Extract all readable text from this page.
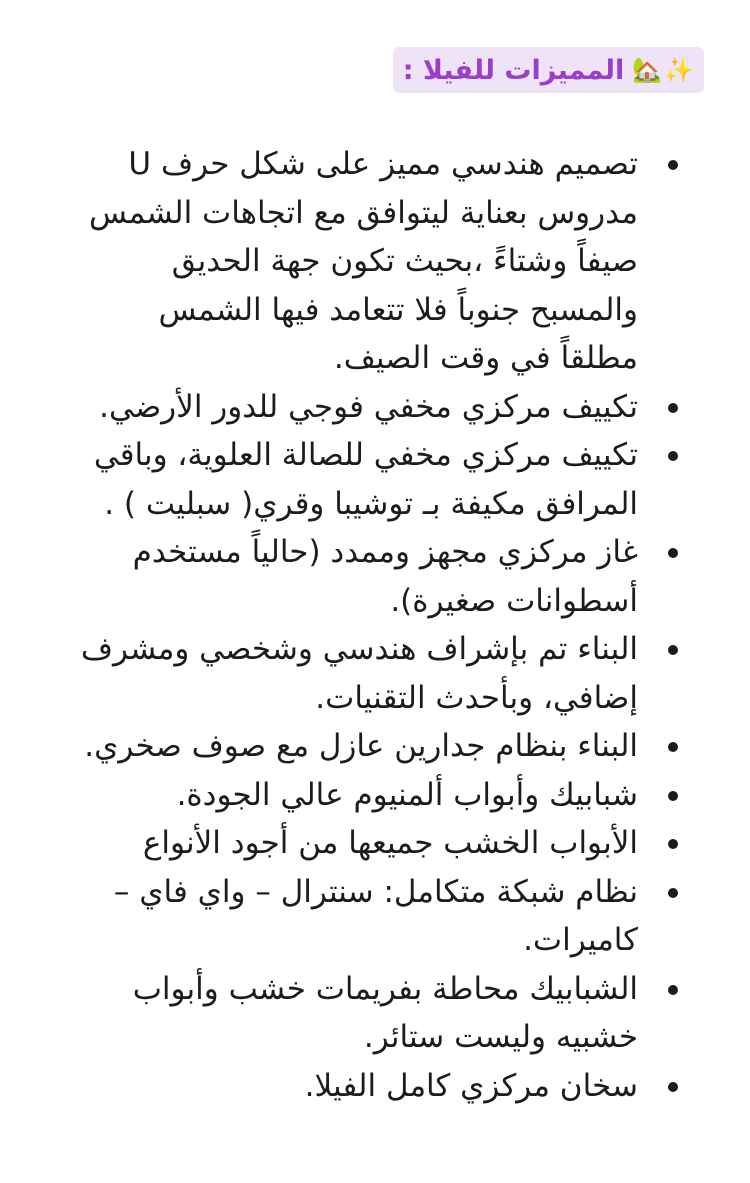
✨
🏡
المميزات للفيلا :
تصميم هندسي مميز على شكل حرف U مدروس بعناية ليتوافق مع اتجاهات الشمس صيفاً وشتاءً ،بحيث تكون جهة الحديق والمسبح جنوباً فلا تتعامد فيها الشمس مطلقاً في وقت الصيف.
تكييف مركزي مخفي فوجي للدور الأرضي.
تكييف مركزي مخفي للصالة العلوية، وباقي المرافق مكيفة بـ توشيبا وقري( سبليت ) .
غاز مركزي مجهز وممدد (حالياً مستخدم أسطوانات صغيرة).
البناء تم بإشراف هندسي وشخصي ومشرف إضافي، وبأحدث التقنيات.
البناء بنظام جدارين عازل مع صوف صخري.
شبابيك وأبواب ألمنيوم عالي الجودة.
الأبواب الخشب جميعها من أجود الأنواع
نظام شبكة متكامل: سنترال – واي فاي – كاميرات.
الشبابيك محاطة بفريمات خشب وأبواب خشبيه وليست ستائر.
سخان مركزي كامل الفيلا.
